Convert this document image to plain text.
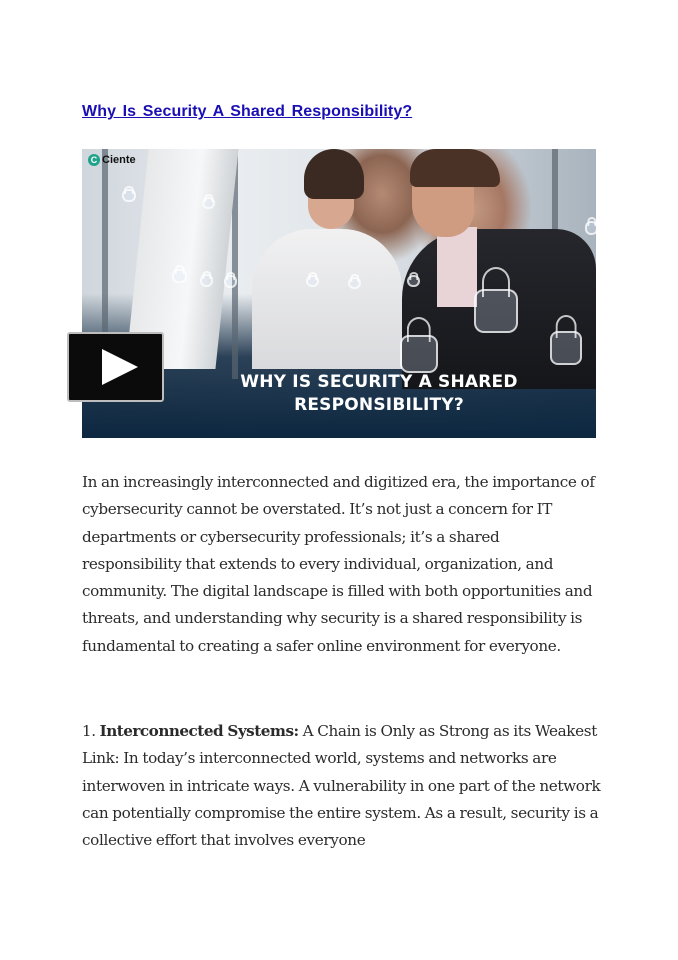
Why Is Security A Shared Responsibility?
C Ciente
WHY IS SECURITY A SHARED
RESPONSIBILITY?

In an increasingly interconnected and digitized era, the importance of cybersecurity cannot be overstated. It’s not just a concern for IT departments or cybersecurity professionals; it’s a shared responsibility that extends to every individual, organization, and community. The digital landscape is filled with both opportunities and threats, and understanding why security is a shared responsibility is fundamental to creating a safer online environment for everyone.

1. Interconnected Systems: A Chain is Only as Strong as its Weakest Link: In today’s interconnected world, systems and networks are interwoven in intricate ways. A vulnerability in one part of the network can potentially compromise the entire system. As a result, security is a collective effort that involves everyone
